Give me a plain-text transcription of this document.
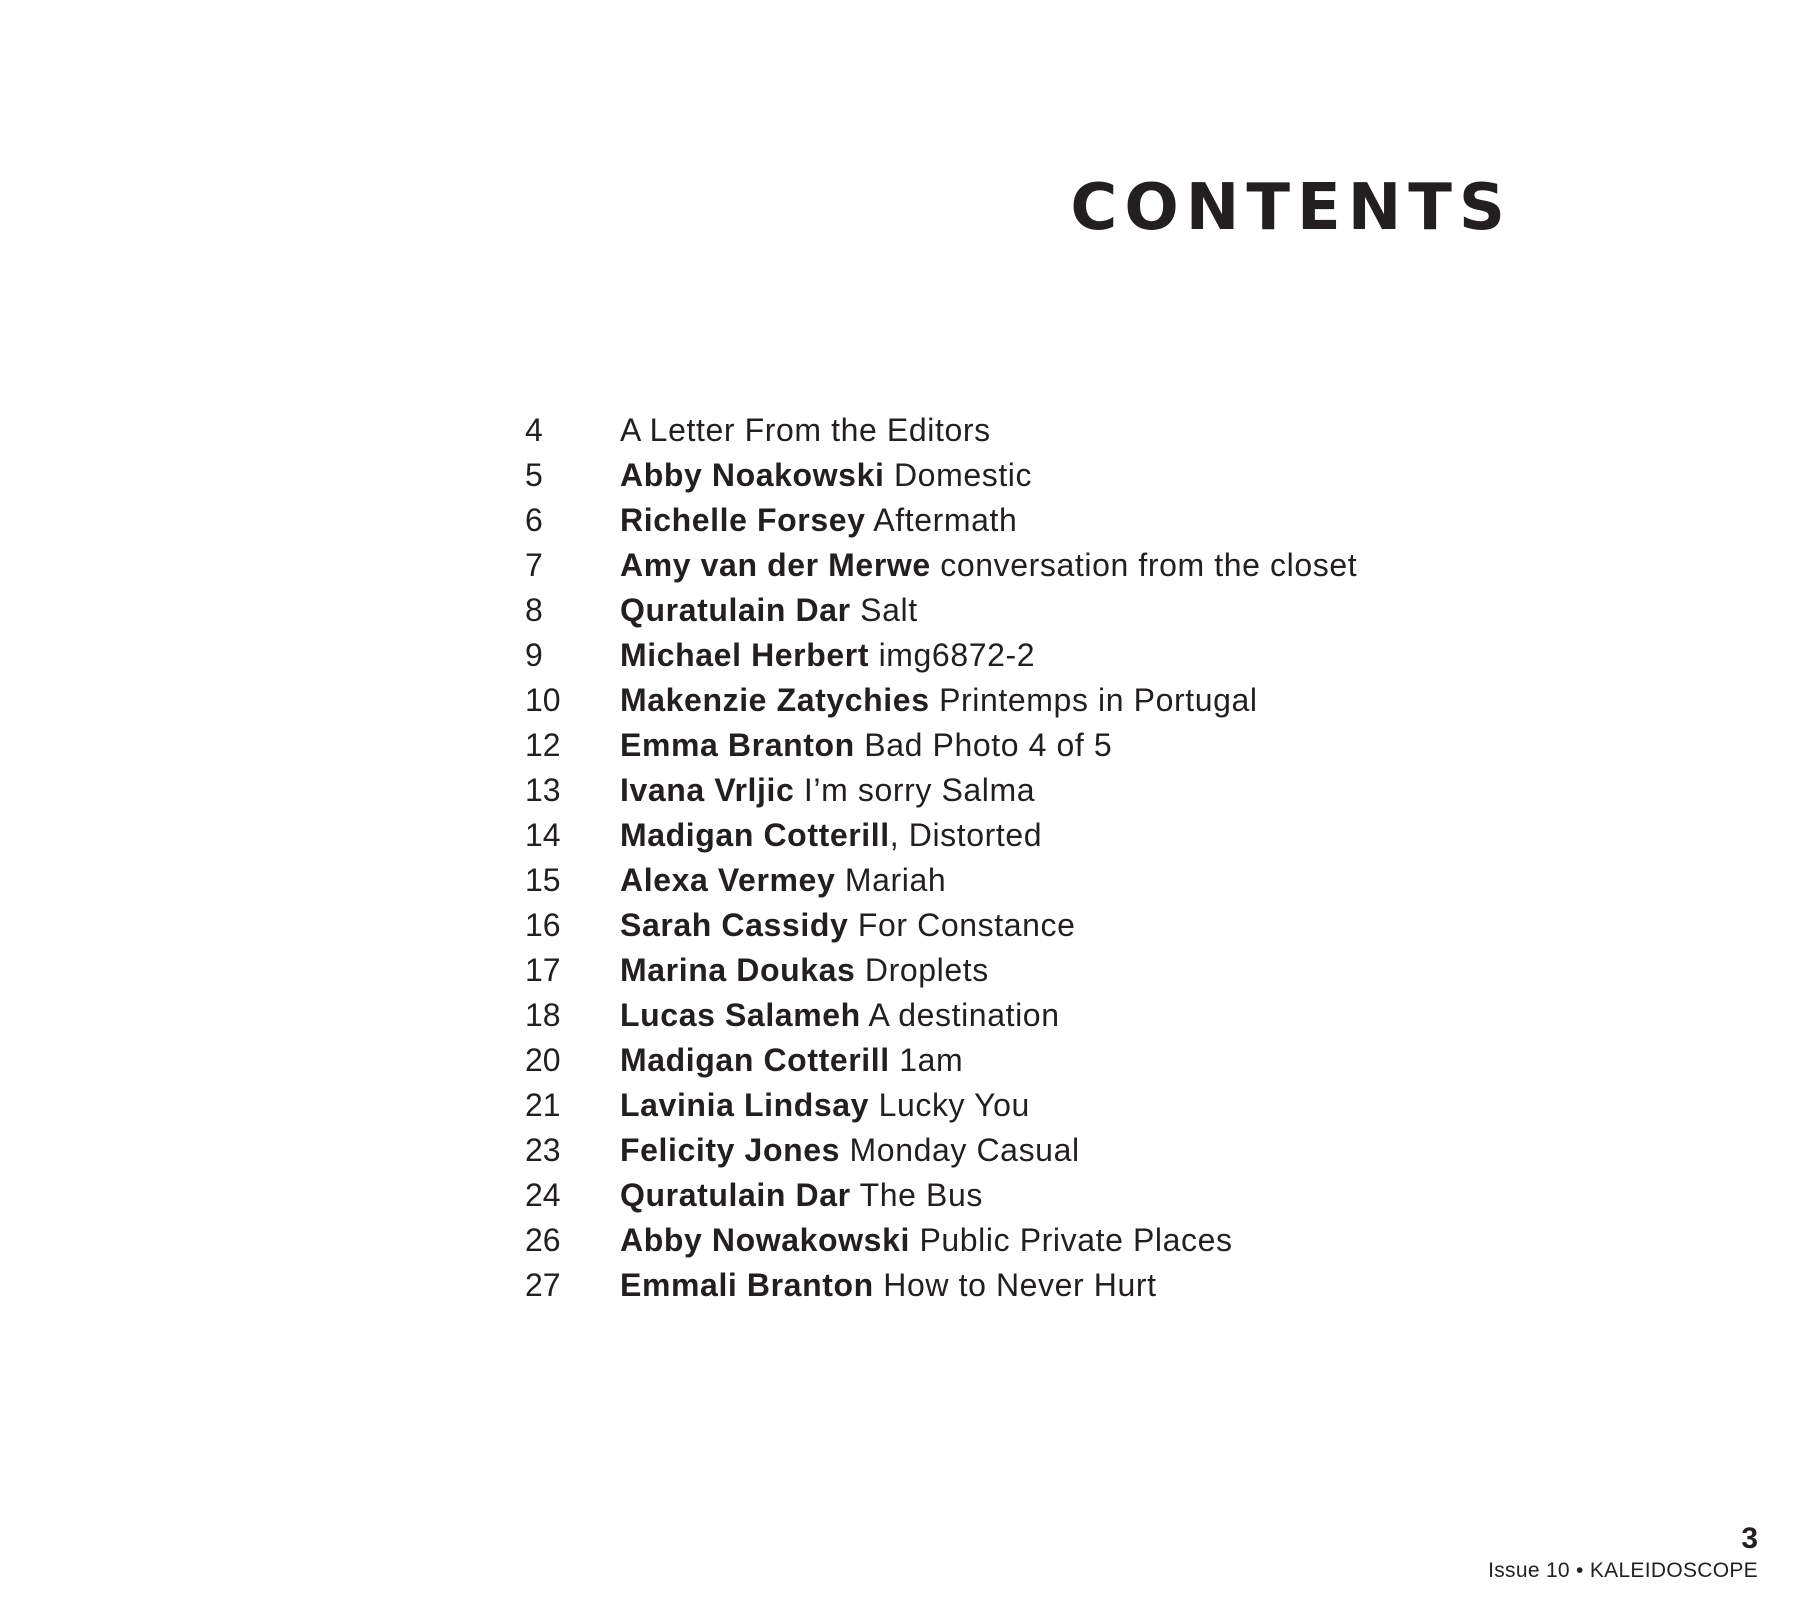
CONTENTS
4	A Letter From the Editors
5	Abby Noakowski Domestic
6	Richelle Forsey Aftermath
7	Amy van der Merwe conversation from the closet
8	Quratulain Dar Salt
9	Michael Herbert img6872-2
10	Makenzie Zatychies Printemps in Portugal
12	Emma Branton Bad Photo 4 of 5
13	Ivana Vrljic I’m sorry Salma
14	Madigan Cotterill, Distorted
15	Alexa Vermey Mariah
16	Sarah Cassidy For Constance
17	Marina Doukas Droplets
18	Lucas Salameh A destination
20	Madigan Cotterill 1am
21	Lavinia Lindsay Lucky You
23	Felicity Jones Monday Casual
24	Quratulain Dar The Bus
26	Abby Nowakowski Public Private Places
27	Emmali Branton How to Never Hurt
3
Issue 10 • KALEIDOSCOPE
